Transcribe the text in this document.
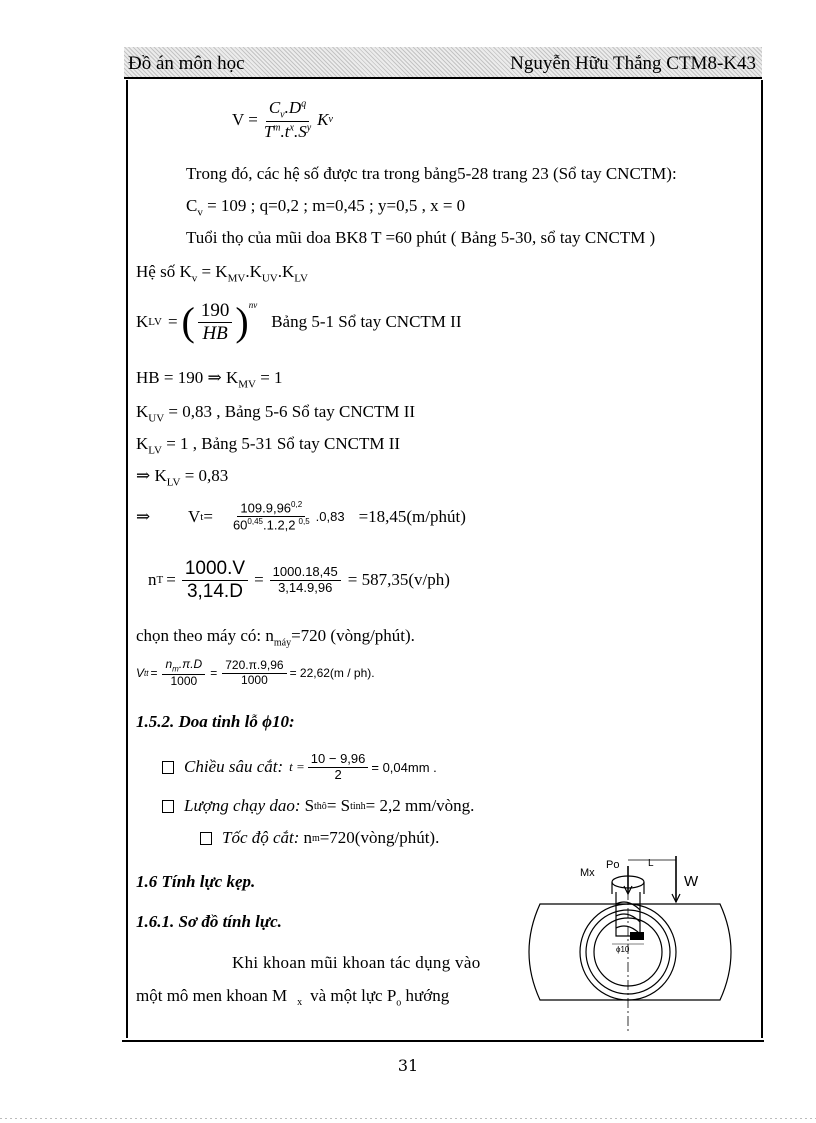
Đồ án môn học	Nguyễn Hữu Thắng CTM8-K43
$V = \frac{C_v.D^q}{T^m.t^x.S^y}$ K v
Trong đó, các hệ số được tra trong bảng5-28 trang 23 (Sổ tay CNCTM):
$C_v = 109$ ; q=0,2 ; m=0,45 ; y=0,5 , x = 0
Tuổi thọ của mũi doa BK8 T =60 phút ( Bảng 5-30, sổ tay CNCTM )
Hệ số $K_v = K_{MV}.K_{UV}.K_{LV}$
K LV = ( $\frac{190}{HB} )^{nv}$
Bảng 5-1 Sổ tay CNCTM II
HB = 190 ⇒ $K_{MV} = 1$
$K_{UV} = 0,83$ , Bảng 5-6 Sổ tay CNCTM II
$K_{LV} = 1$ , Bảng 5-31 Sổ tay CNCTM II
⇒ $K_{LV} = 0,83$
⇒	V $t = \frac{109.9,96^{0,2}}{60^{0,45}.1.2,2 ^{0,5}} .0,83$ =18,45(m/phút)
n $T = \frac{1000.V}{3,14.D} = \frac{1000.18,45}{3,14.9,96} = 587,35(v/ph)$
chọn theo máy có: $n_{máy}=720$ (vòng/phút).
V tt = $\frac{n_m.\pi.D}{1000} = \frac{720.\pi.9,96}{1000} = 22,62(m / ph)$.
1.5.2. Doa tinh lỗ ϕ10:
Chiều sâu cắt: $t = \frac{10 - 9,96}{2} = 0,04mm$ .
Lượng chạy dao: S thô = S tinh = 2,2 mm/vòng.
Tốc độ cắt: n m =720(vòng/phút).
1.6 Tính lực kẹp.
1.6.1. Sơ đồ tính lực.
Khi khoan mũi khoan tác dụng vào
một mô men khoan M $_x$ và một lực $P_o$ hướng
Mx
Po	L
W
ϕ10
31
